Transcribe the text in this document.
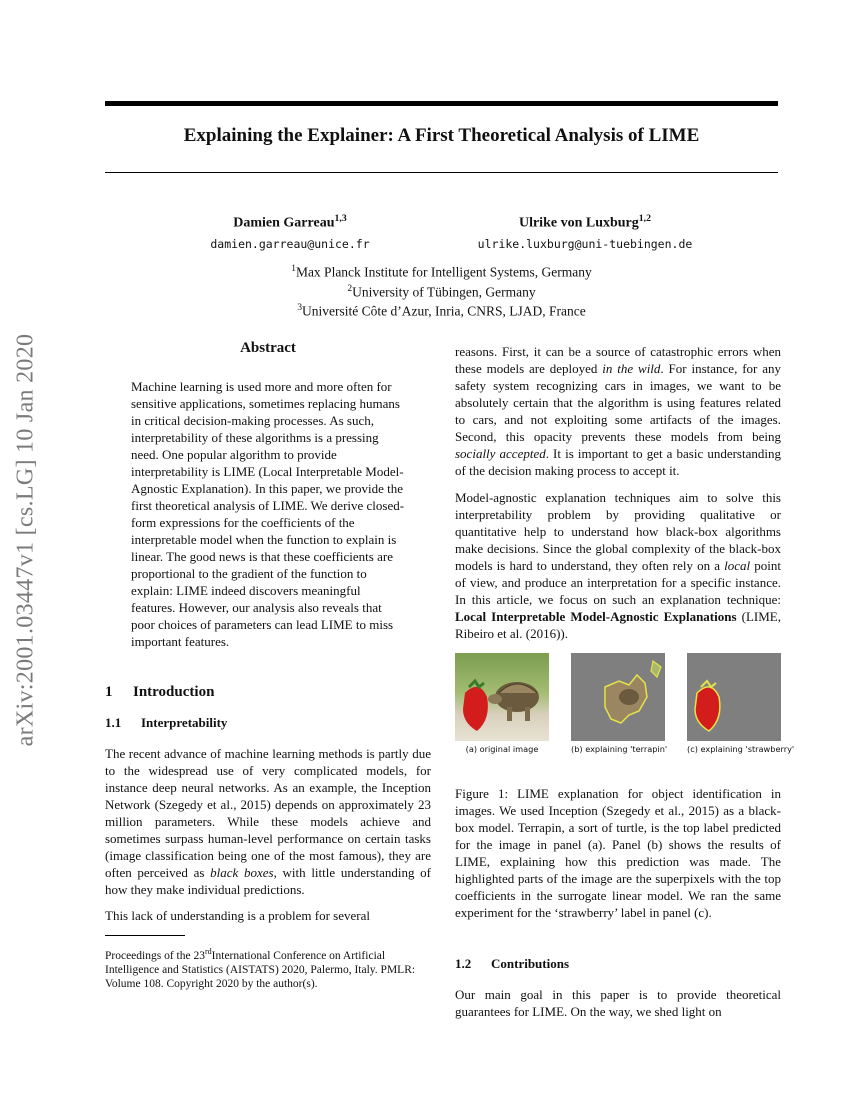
arXiv:2001.03447v1 [cs.LG] 10 Jan 2020
Explaining the Explainer: A First Theoretical Analysis of LIME
Damien Garreau$^{1,3}$
damien.garreau@unice.fr
Ulrike von Luxburg$^{1,2}$
ulrike.luxburg@uni-tuebingen.de
$^1$Max Planck Institute for Intelligent Systems, Germany
$^2$University of Tübingen, Germany
$^3$Université Côte d’Azur, Inria, CNRS, LJAD, France
Abstract
Machine learning is used more and more often for sensitive applications, sometimes replacing humans in critical decision-making processes. As such, interpretability of these algorithms is a pressing need. One popular algorithm to provide interpretability is LIME (Local Interpretable Model-Agnostic Explanation). In this paper, we provide the first theoretical analysis of LIME. We derive closed-form expressions for the coefficients of the interpretable model when the function to explain is linear. The good news is that these coefficients are proportional to the gradient of the function to explain: LIME indeed discovers meaningful features. However, our analysis also reveals that poor choices of parameters can lead LIME to miss important features.
1 Introduction
1.1 Interpretability

The recent advance of machine learning methods is partly due to the widespread use of very complicated models, for instance deep neural networks. As an example, the Inception Network (Szegedy et al., 2015) depends on approximately 23 million parameters. While these models achieve and sometimes surpass human-level performance on certain tasks (image classification being one of the most famous), they are often perceived as black boxes, with little understanding of how they make individual predictions.

This lack of understanding is a problem for several

Proceedings of the 23rdInternational Conference on Artificial Intelligence and Statistics (AISTATS) 2020, Palermo, Italy. PMLR: Volume 108. Copyright 2020 by the author(s).

reasons. First, it can be a source of catastrophic errors when these models are deployed in the wild. For instance, for any safety system recognizing cars in images, we want to be absolutely certain that the algorithm is using features related to cars, and not exploiting some artifacts of the images. Second, this opacity prevents these models from being socially accepted. It is important to get a basic understanding of the decision making process to accept it.

Model-agnostic explanation techniques aim to solve this interpretability problem by providing qualitative or quantitative help to understand how black-box algorithms make decisions. Since the global complexity of the black-box models is hard to understand, they often rely on a local point of view, and produce an interpretation for a specific instance. In this article, we focus on such an explanation technique: Local Interpretable Model-Agnostic Explanations (LIME, Ribeiro et al. (2016)).

(a) original image	(b) explaining 'terrapin' (c) explaining 'strawberry'

Figure 1: LIME explanation for object identification in images. We used Inception (Szegedy et al., 2015) as a black-box model. Terrapin, a sort of turtle, is the top label predicted for the image in panel (a). Panel (b) shows the results of LIME, explaining how this prediction was made. The highlighted parts of the image are the superpixels with the top coefficients in the surrogate linear model. We ran the same experiment for the ‘strawberry’ label in panel (c).

1.2 Contributions

Our main goal in this paper is to provide theoretical guarantees for LIME. On the way, we shed light on
